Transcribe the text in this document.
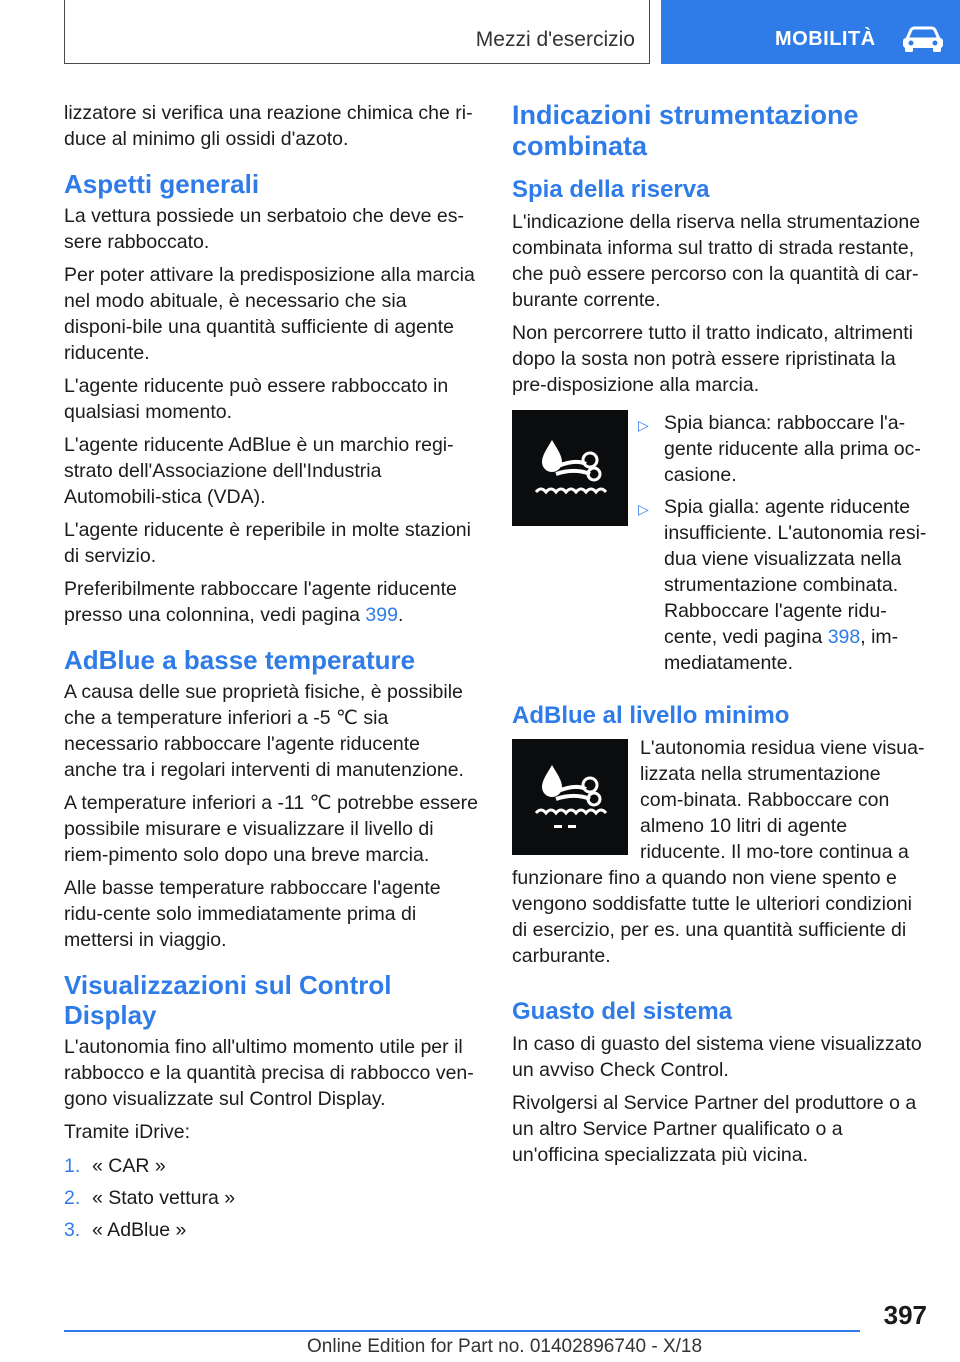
Mezzi d'esercizio	MOBILITÀ

lizzatore si verifica una reazione chimica che ri-duce al minimo gli ossidi d'azoto.

Aspetti generali

La vettura possiede un serbatoio che deve es-sere rabboccato.

Per poter attivare la predisposizione alla marcia nel modo abituale, è necessario che sia disponi-bile una quantità sufficiente di agente riducente.

L'agente riducente può essere rabboccato in qualsiasi momento.

L'agente riducente AdBlue è un marchio regi-strato dell'Associazione dell'Industria Automobili-stica (VDA).

L'agente riducente è reperibile in molte stazioni di servizio.

Preferibilmente rabboccare l'agente riducente presso una colonnina, vedi pagina 399.

AdBlue a basse temperature

A causa delle sue proprietà fisiche, è possibile che a temperature inferiori a -5 ℃ sia necessario rabboccare l'agente riducente anche tra i regolari interventi di manutenzione.

A temperature inferiori a -11 ℃ potrebbe essere possibile misurare e visualizzare il livello di riem-pimento solo dopo una breve marcia.

Alle basse temperature rabboccare l'agente ridu-cente solo immediatamente prima di mettersi in viaggio.

Visualizzazioni sul Control Display

L'autonomia fino all'ultimo momento utile per il rabbocco e la quantità precisa di rabbocco ven-gono visualizzate sul Control Display.

Tramite iDrive:

1. « CAR »
2. « Stato vettura »
3. « AdBlue »
Indicazioni strumentazione combinata
Spia della riserva

L'indicazione della riserva nella strumentazione combinata informa sul tratto di strada restante, che può essere percorso con la quantità di car-burante corrente.

Non percorrere tutto il tratto indicato, altrimenti dopo la sosta non potrà essere ripristinata la pre-disposizione alla marcia.

▷ Spia bianca: rabboccare l'a-gente riducente alla prima oc-casione.
▷ Spia gialla: agente riducente insufficiente. L'autonomia resi-dua viene visualizzata nella strumentazione combinata. Rabboccare l'agente ridu-cente, vedi pagina 398, im-mediatamente.
AdBlue al livello minimo

L'autonomia residua viene visua-lizzata nella strumentazione com-binata. Rabboccare con almeno 10 litri di agente riducente. Il mo-tore continua a funzionare fino a quando non viene spento e vengono soddisfatte tutte le ulteriori condizioni di esercizio, per es. una quantità sufficiente di carburante.

Guasto del sistema

In caso di guasto del sistema viene visualizzato un avviso Check Control.

Rivolgersi al Service Partner del produttore o a un altro Service Partner qualificato o a un'officina specializzata più vicina.

397
Online Edition for Part no. 01402896740 - X/18
